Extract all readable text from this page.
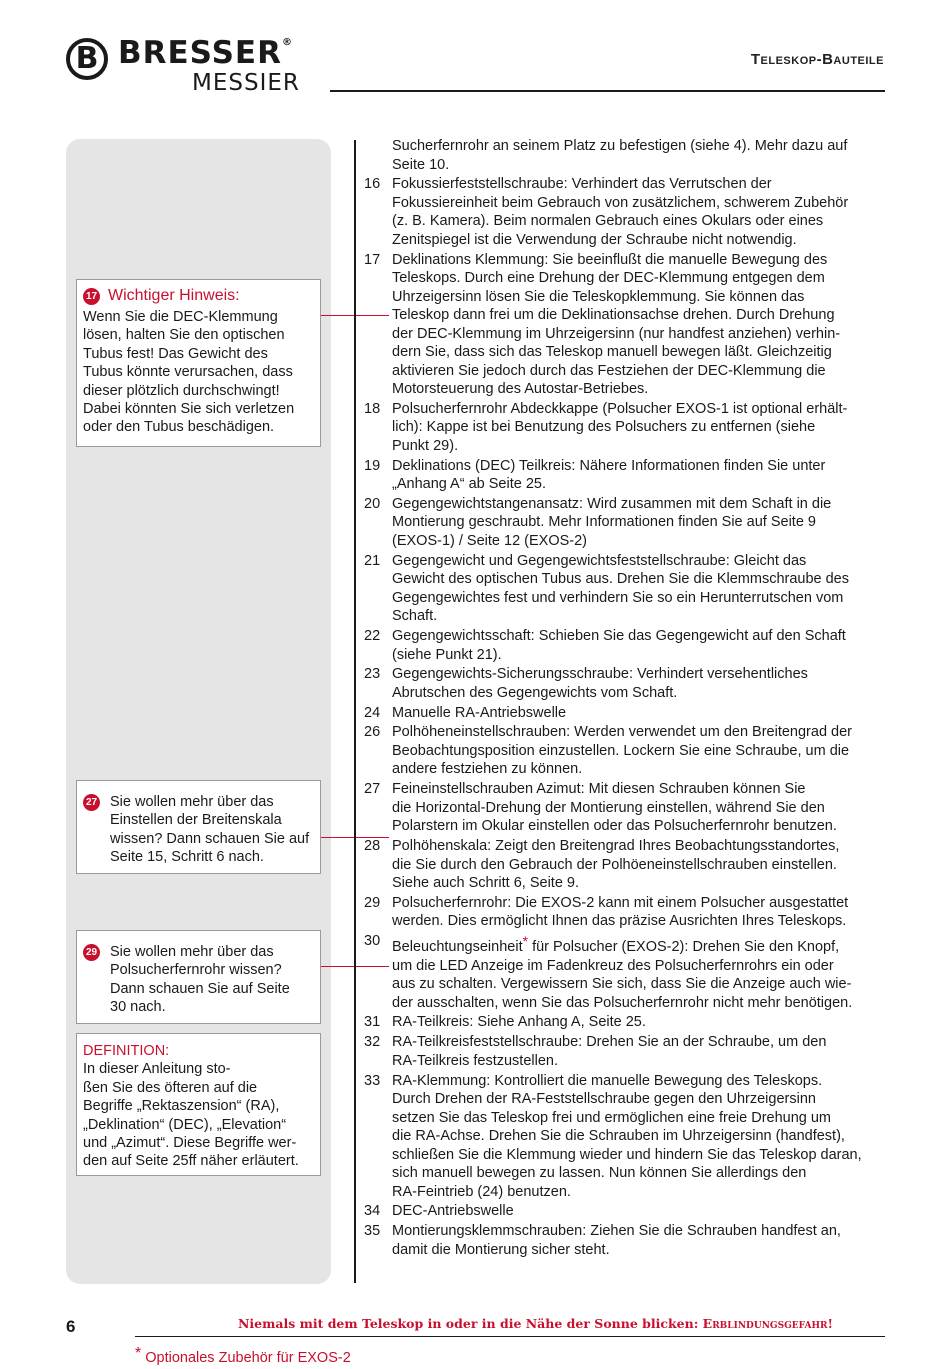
B BRESSER®
MESSIER
Teleskop-Bauteile
17 Wichtiger Hinweis:
Wenn Sie die DEC-Klemmung
lösen, halten Sie den optischen
Tubus fest! Das Gewicht des
Tubus könnte verursachen, dass
dieser plötzlich durchschwingt!
Dabei könnten Sie sich verletzen
oder den Tubus beschädigen.
27 Sie wollen mehr über das
Einstellen der Breitenskala
wissen? Dann schauen Sie auf
Seite 15, Schritt 6 nach.
29 Sie wollen mehr über das
Polsucherfernrohr wissen?
Dann schauen Sie auf Seite
30 nach.
DEFINITION:
In dieser Anleitung sto-
ßen Sie des öfteren auf die
Begriffe „Rektaszension“ (RA),
„Deklination“ (DEC), „Elevation“
und „Azimut“. Diese Begriffe wer-
den auf Seite 25ff näher erläutert.
Sucherfernrohr an seinem Platz zu befestigen (siehe 4). Mehr dazu auf
Seite 10.
16 Fokussierfeststellschraube: Verhindert das Verrutschen der
Fokussiereinheit beim Gebrauch von zusätzlichem, schwerem Zubehör
(z. B. Kamera). Beim normalen Gebrauch eines Okulars oder eines
Zenitspiegel ist die Verwendung der Schraube nicht notwendig.
17 Deklinations Klemmung: Sie beeinflußt die manuelle Bewegung des
Teleskops. Durch eine Drehung der DEC-Klemmung entgegen dem
Uhrzeigersinn lösen Sie die Teleskopklemmung. Sie können das
Teleskop dann frei um die Deklinationsachse drehen. Durch Drehung
der DEC-Klemmung im Uhrzeigersinn (nur handfest anziehen) verhin-
dern Sie, dass sich das Teleskop manuell bewegen läßt. Gleichzeitig
aktivieren Sie jedoch durch das Festziehen der DEC-Klemmung die
Motorsteuerung des Autostar-Betriebes.
18 Polsucherfernrohr Abdeckkappe (Polsucher EXOS-1 ist optional erhält-
lich): Kappe ist bei Benutzung des Polsuchers zu entfernen (siehe
Punkt 29).
19 Deklinations (DEC) Teilkreis: Nähere Informationen finden Sie unter
„Anhang A“ ab Seite 25.
20 Gegengewichtstangenansatz: Wird zusammen mit dem Schaft in die
Montierung geschraubt. Mehr Informationen finden Sie auf Seite 9
(EXOS-1) / Seite 12 (EXOS-2)
21 Gegengewicht und Gegengewichtsfeststellschraube: Gleicht das
Gewicht des optischen Tubus aus. Drehen Sie die Klemmschraube des
Gegengewichtes fest und verhindern Sie so ein Herunterrutschen vom
Schaft.
22 Gegengewichtsschaft: Schieben Sie das Gegengewicht auf den Schaft
(siehe Punkt 21).
23 Gegengewichts-Sicherungsschraube: Verhindert versehentliches
Abrutschen des Gegengewichts vom Schaft.
24 Manuelle RA-Antriebswelle
26 Polhöheneinstellschrauben: Werden verwendet um den Breitengrad der
Beobachtungsposition einzustellen. Lockern Sie eine Schraube, um die
andere festziehen zu können.
27 Feineinstellschrauben Azimut: Mit diesen Schrauben können Sie
die Horizontal-Drehung der Montierung einstellen, während Sie den
Polarstern im Okular einstellen oder das Polsucherfernrohr benutzen.
28 Polhöhenskala: Zeigt den Breitengrad Ihres Beobachtungsstandortes,
die Sie durch den Gebrauch der Polhöeneinstellschrauben einstellen.
Siehe auch Schritt 6, Seite 9.
29 Polsucherfernrohr: Die EXOS-2 kann mit einem Polsucher ausgestattet
werden. Dies ermöglicht Ihnen das präzise Ausrichten Ihres Teleskops.
30 Beleuchtungseinheit* für Polsucher (EXOS-2): Drehen Sie den Knopf,
um die LED Anzeige im Fadenkreuz des Polsucherfernrohrs ein oder
aus zu schalten. Vergewissern Sie sich, dass Sie die Anzeige auch wie-
der ausschalten, wenn Sie das Polsucherfernrohr nicht mehr benötigen.
31 RA-Teilkreis: Siehe Anhang A, Seite 25.
32 RA-Teilkreisfeststellschraube: Drehen Sie an der Schraube, um den
RA-Teilkreis festzustellen.
33 RA-Klemmung: Kontrolliert die manuelle Bewegung des Teleskops.
Durch Drehen der RA-Feststellschraube gegen den Uhrzeigersinn
setzen Sie das Teleskop frei und ermöglichen eine freie Drehung um
die RA-Achse. Drehen Sie die Schrauben im Uhrzeigersinn (handfest),
schließen Sie die Klemmung wieder und hindern Sie das Teleskop daran,
sich manuell bewegen zu lassen. Nun können Sie allerdings den
RA-Feintrieb (24) benutzen.
34 DEC-Antriebswelle
35 Montierungsklemmschrauben: Ziehen Sie die Schrauben handfest an,
damit die Montierung sicher steht.
6	Niemals mit dem Teleskop in oder in die Nähe der Sonne blicken: Erblindungsgefahr!
* Optionales Zubehör für EXOS-2
